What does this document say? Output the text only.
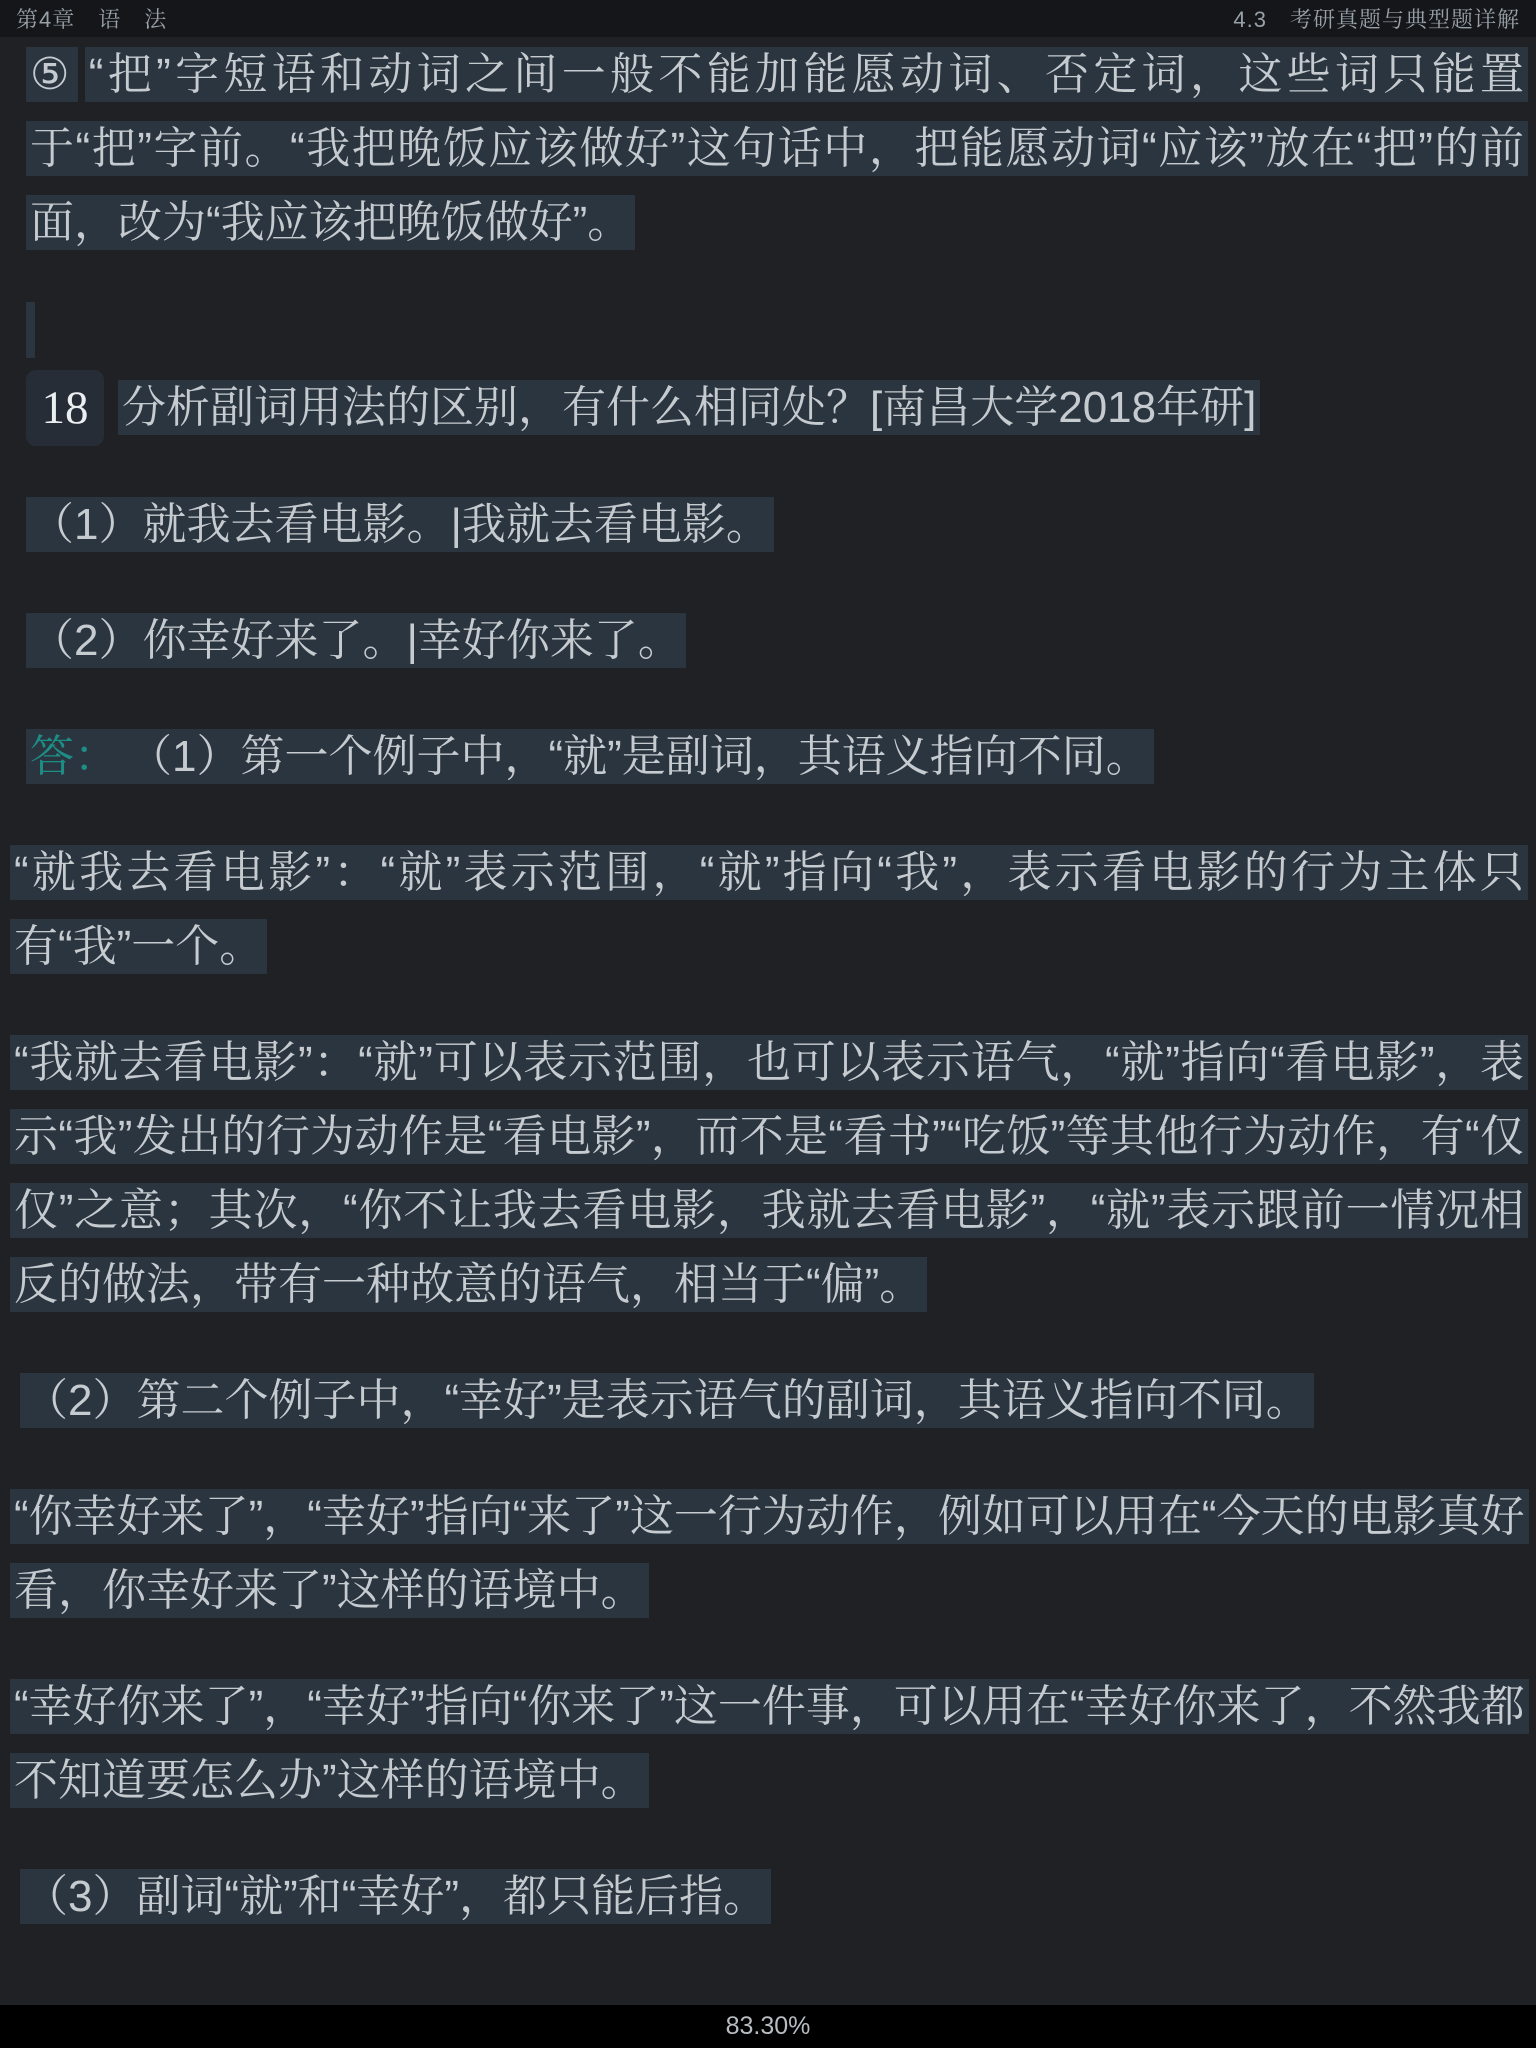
第4章　语　法	4.3　考研真题与典型题详解
⑤ “把”字短语和动词之间一般不能加能愿动词、否定词，这些词只能置于“把”字前。“我把晚饭应该做好”这句话中，把能愿动词“应该”放在“把”的前面，改为“我应该把晚饭做好”。
18 分析副词用法的区别，有什么相同处？[南昌大学2018年研]
（1）就我去看电影。|我就去看电影。
（2）你幸好来了。|幸好你来了。
答： （1）第一个例子中，“就”是副词，其语义指向不同。
“就我去看电影”：“就”表示范围，“就”指向“我”，表示看电影的行为主体只有“我”一个。
“我就去看电影”：“就”可以表示范围，也可以表示语气，“就”指向“看电影”，表示“我”发出的行为动作是“看电影”，而不是“看书”“吃饭”等其他行为动作，有“仅仅”之意；其次，“你不让我去看电影，我就去看电影”，“就”表示跟前一情况相反的做法，带有一种故意的语气，相当于“偏”。
（2）第二个例子中，“幸好”是表示语气的副词，其语义指向不同。
“你幸好来了”，“幸好”指向“来了”这一行为动作，例如可以用在“今天的电影真好看，你幸好来了”这样的语境中。
“幸好你来了”，“幸好”指向“你来了”这一件事，可以用在“幸好你来了，不然我都不知道要怎么办”这样的语境中。
（3）副词“就”和“幸好”，都只能后指。
83.30%
